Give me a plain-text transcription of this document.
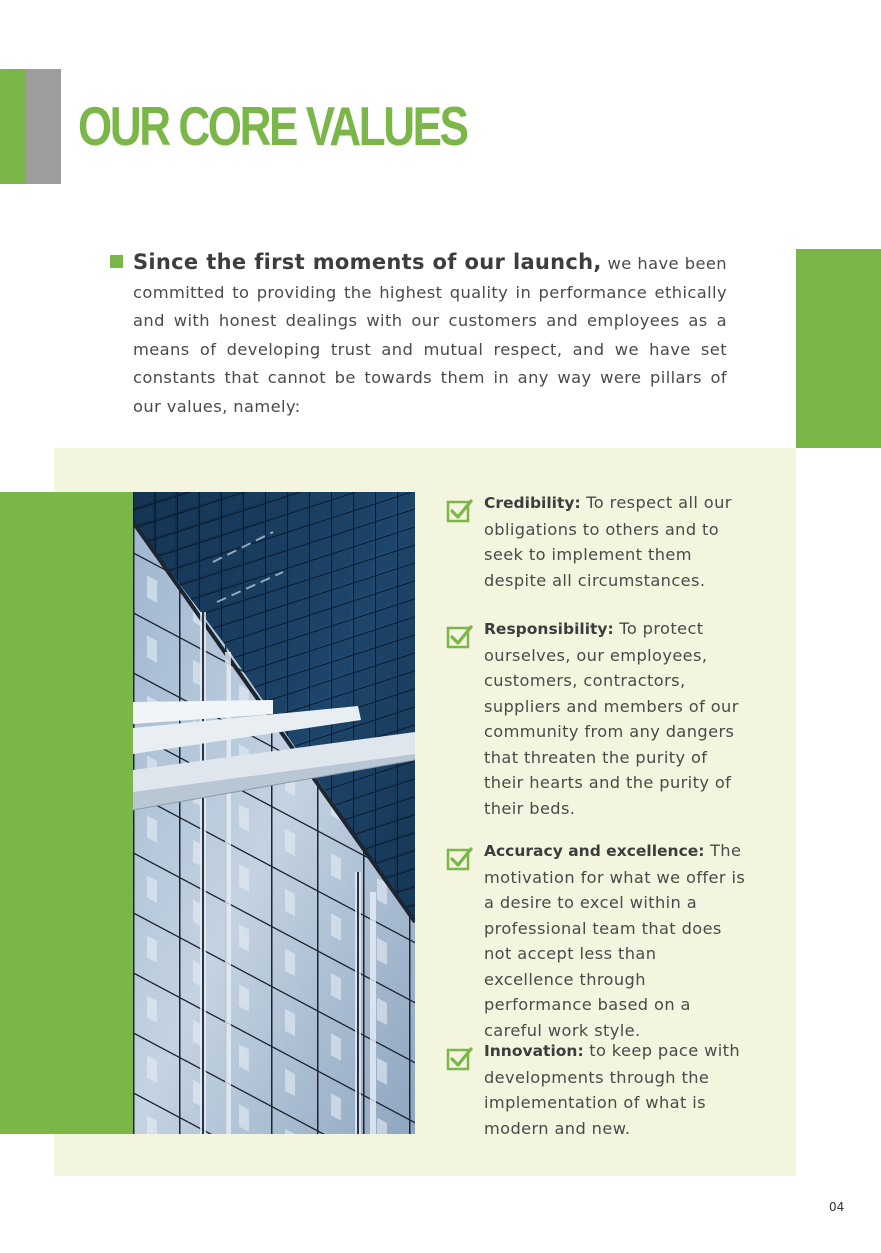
OUR CORE VALUES

Since the first moments of our launch, we have been committed to providing the highest quality in performance ethically and with honest dealings with our customers and employees as a means of developing trust and mutual respect, and we have set constants that cannot be towards them in any way were pillars of our values, namely:

Credibility: To respect all our obligations to others and to seek to implement them despite all circumstances.

Responsibility: To protect ourselves, our employees, customers, contractors, suppliers and members of our community from any dangers that threaten the purity of their hearts and the purity of their beds.

Accuracy and excellence: The motivation for what we offer is a desire to excel within a professional team that does not accept less than excellence through performance based on a careful work style.

Innovation: to keep pace with developments through the implementation of what is modern and new.

04
